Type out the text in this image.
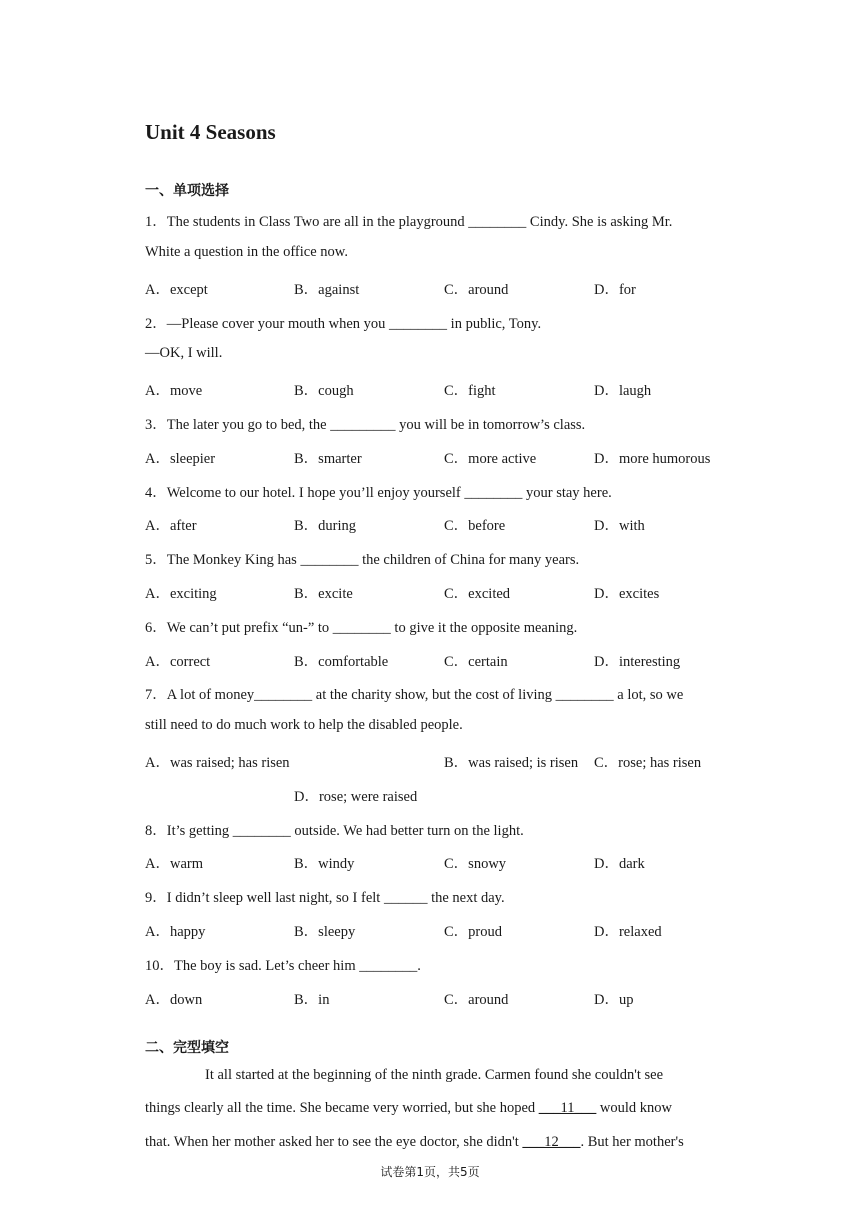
Unit 4 Seasons
一、单项选择
1．The students in Class Two are all in the playground ________ Cindy. She is asking Mr.
White a question in the office now.
A．except	B．against	C．around	D．for
2．—Please cover your mouth when you ________ in public, Tony.
—OK, I will.
A．move	B．cough	C．fight	D．laugh
3．The later you go to bed, the _________ you will be in tomorrow’s class.
A．sleepier	B．smarter	C．more active	D．more humorous
4．Welcome to our hotel. I hope you’ll enjoy yourself ________ your stay here.
A．after	B．during	C．before	D．with
5．The Monkey King has ________ the children of China for many years.
A．exciting	B．excite	C．excited	D．excites
6．We can’t put prefix “un-” to ________ to give it the opposite meaning.
A．correct	B．comfortable	C．certain	D．interesting
7．A lot of money________ at the charity show, but the cost of living ________ a lot, so we
still need to do much work to help the disabled people.
A．was raised; has risen	B．was raised; is risen C．rose; has risen
D．rose; were raised
8．It’s getting ________ outside. We had better turn on the light.
A．warm	B．windy	C．snowy	D．dark
9．I didn’t sleep well last night, so I felt ______ the next day.
A．happy	B．sleepy	C．proud	D．relaxed
10．The boy is sad. Let’s cheer him ________.
A．down	B．in	C．around	D．up
二、完型填空
It all started at the beginning of the ninth grade. Carmen found she couldn't see
things clearly all the time. She became very worried, but she hoped ___11___ would know
that. When her mother asked her to see the eye doctor, she didn't ___12___. But her mother's
试卷第1页，共5页
